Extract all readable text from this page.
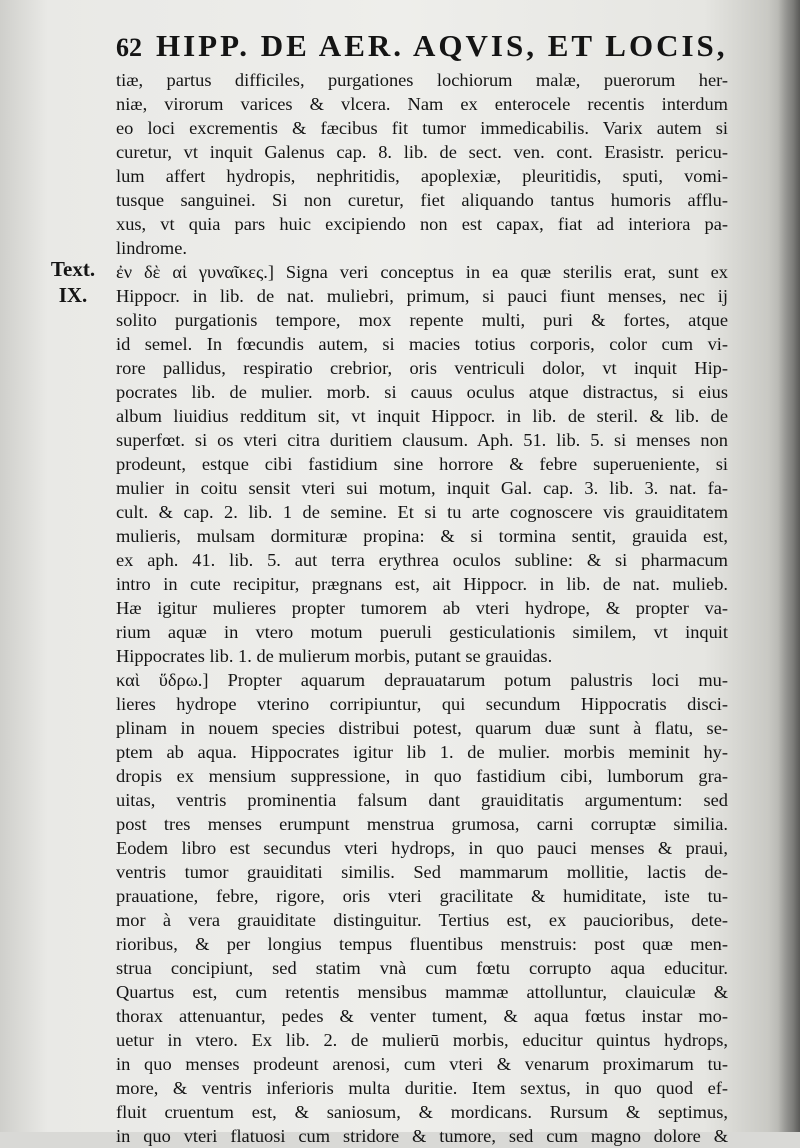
62 HIPP. DE AER. AQVIS, ET LOCIS,
Text.
IX.
tiæ, partus difficiles, purgationes lochiorum malæ, puerorum her-
niæ, virorum varices & vlcera. Nam ex enterocele recentis interdum
eo loci excrementis & fæcibus fit tumor immedicabilis. Varix autem si
curetur, vt inquit Galenus cap. 8. lib. de sect. ven. cont. Erasistr. pericu-
lum affert hydropis, nephritidis, apoplexiæ, pleuritidis, sputi, vomi-
tusque sanguinei. Si non curetur, fiet aliquando tantus humoris afflu-
xus, vt quia pars huic excipiendo non est capax, fiat ad interiora pa-
lindrome.
ἐν δὲ αἱ γυναῖκες.] Signa veri conceptus in ea quæ sterilis erat, sunt ex
Hippocr. in lib. de nat. muliebri, primum, si pauci fiunt menses, nec ij
solito purgationis tempore, mox repente multi, puri & fortes, atque
id semel. In fœcundis autem, si macies totius corporis, color cum vi-
rore pallidus, respiratio crebrior, oris ventriculi dolor, vt inquit Hip-
pocrates lib. de mulier. morb. si cauus oculus atque distractus, si eius
album liuidius redditum sit, vt inquit Hippocr. in lib. de steril. & lib. de
superfœt. si os vteri citra duritiem clausum. Aph. 51. lib. 5. si menses non
prodeunt, estque cibi fastidium sine horrore & febre superueniente, si
mulier in coitu sensit vteri sui motum, inquit Gal. cap. 3. lib. 3. nat. fa-
cult. & cap. 2. lib. 1 de semine. Et si tu arte cognoscere vis grauiditatem
mulieris, mulsam dormituræ propina: & si tormina sentit, grauida est,
ex aph. 41. lib. 5. aut terra erythrea oculos subline: & si pharmacum
intro in cute recipitur, prægnans est, ait Hippocr. in lib. de nat. mulieb.
Hæ igitur mulieres propter tumorem ab vteri hydrope, & propter va-
rium aquæ in vtero motum pueruli gesticulationis similem, vt inquit
Hippocrates lib. 1. de mulierum morbis, putant se grauidas.
καὶ ὕδρω.] Propter aquarum deprauatarum potum palustris loci mu-
lieres hydrope vterino corripiuntur, qui secundum Hippocratis disci-
plinam in nouem species distribui potest, quarum duæ sunt à flatu, se-
ptem ab aqua. Hippocrates igitur lib 1. de mulier. morbis meminit hy-
dropis ex mensium suppressione, in quo fastidium cibi, lumborum gra-
uitas, ventris prominentia falsum dant grauiditatis argumentum: sed
post tres menses erumpunt menstrua grumosa, carni corruptæ similia.
Eodem libro est secundus vteri hydrops, in quo pauci menses & praui,
ventris tumor grauiditati similis. Sed mammarum mollitie, lactis de-
prauatione, febre, rigore, oris vteri gracilitate & humiditate, iste tu-
mor à vera grauiditate distinguitur. Tertius est, ex paucioribus, dete-
rioribus, & per longius tempus fluentibus menstruis: post quæ men-
strua concipiunt, sed statim vnà cum fœtu corrupto aqua educitur.
Quartus est, cum retentis mensibus mammæ attolluntur, clauiculæ &
thorax attenuantur, pedes & venter tument, & aqua fœtus instar mo-
uetur in vtero. Ex lib. 2. de mulierū morbis, educitur quintus hydrops,
in quo menses prodeunt arenosi, cum vteri & venarum proximarum tu-
more, & ventris inferioris multa duritie. Item sextus, in quo quod ef-
fluit cruentum est, & saniosum, & mordicans. Rursum & septimus,
in quo vteri flatuosi cum stridore & tumore, sed cum magno dolore &
